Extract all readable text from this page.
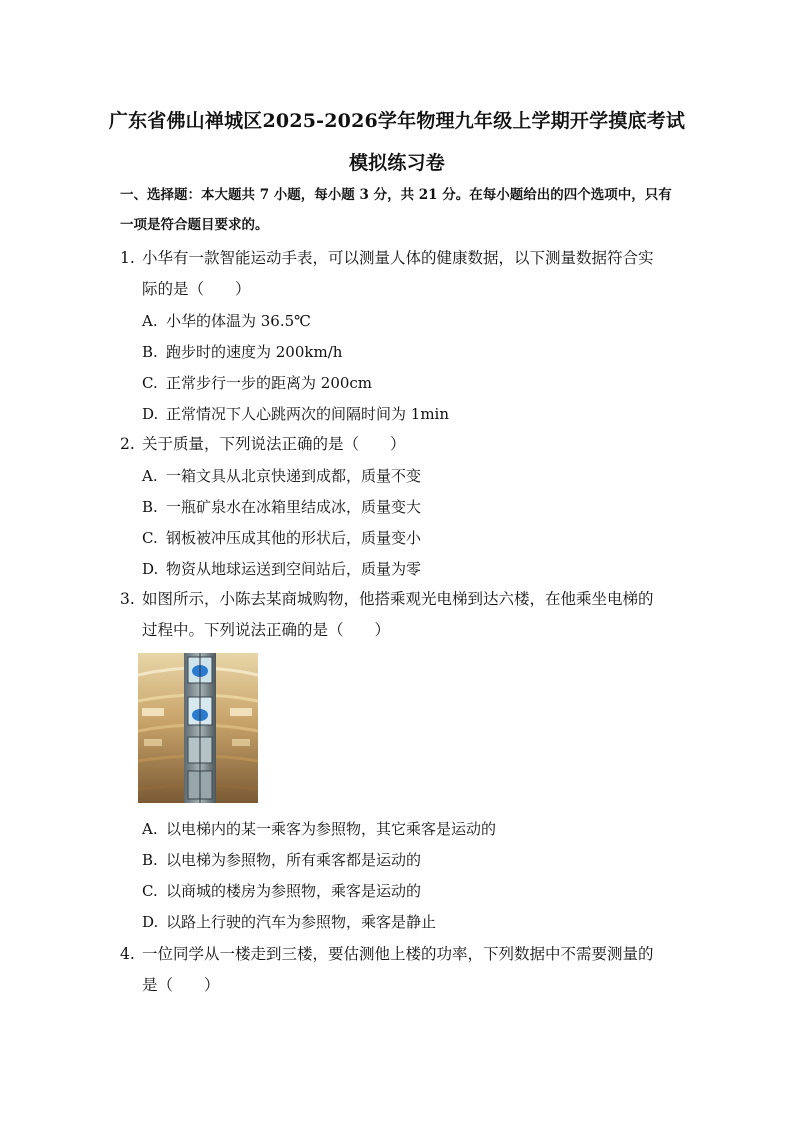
广东省佛山禅城区2025-2026学年物理九年级上学期开学摸底考试
模拟练习卷
一、选择题：本大题共 7 小题，每小题 3 分，共 21 分。在每小题给出的四个选项中，只有
一项是符合题目要求的。
1. 小华有一款智能运动手表，可以测量人体的健康数据，以下测量数据符合实
际的是（　　）
A. 小华的体温为 36.5℃
B. 跑步时的速度为 200km/h
C. 正常步行一步的距离为 200cm
D. 正常情况下人心跳两次的间隔时间为 1min
2. 关于质量，下列说法正确的是（　　）
A. 一箱文具从北京快递到成都，质量不变
B. 一瓶矿泉水在冰箱里结成冰，质量变大
C. 钢板被冲压成其他的形状后，质量变小
D. 物资从地球运送到空间站后，质量为零
3. 如图所示，小陈去某商城购物，他搭乘观光电梯到达六楼，在他乘坐电梯的
过程中。下列说法正确的是（　　）
A. 以电梯内的某一乘客为参照物，其它乘客是运动的
B. 以电梯为参照物，所有乘客都是运动的
C. 以商城的楼房为参照物，乘客是运动的
D. 以路上行驶的汽车为参照物，乘客是静止
4. 一位同学从一楼走到三楼，要估测他上楼的功率，下列数据中不需要测量的
是（　　）
